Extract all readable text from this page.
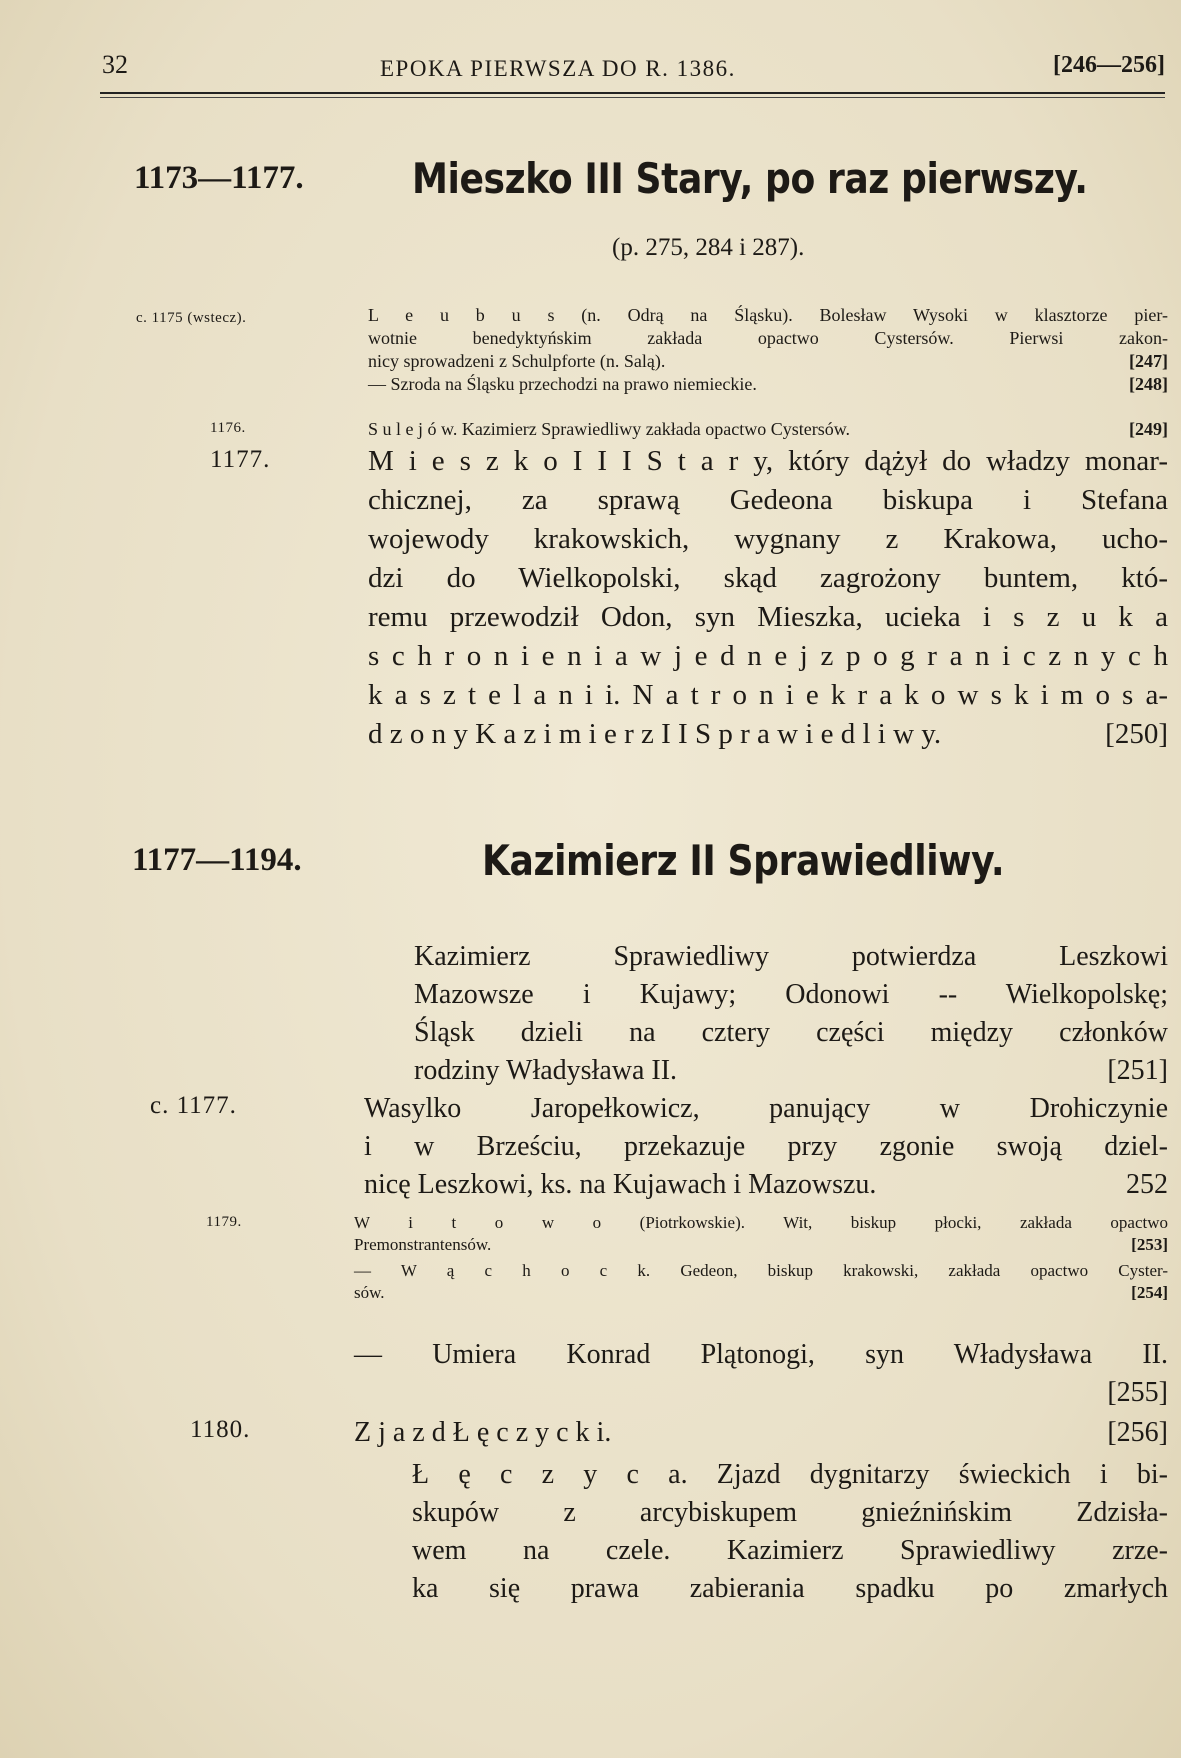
32	EPOKA PIERWSZA DO R. 1386.	[246—256]
1173—1177.	Mieszko III Stary, po raz pierwszy.
(p. 275, 284 i 287).
c. 1175 (wstecz).	L e u b u s (n. Odrą na Śląsku). Bolesław Wysoki w klasztorze pier-
wotnie benedyktyńskim zakłada opactwo Cystersów. Pierwsi zakon-
nicy sprowadzeni z Schulpforte (n. Salą).	[247]
— Szroda na Śląsku przechodzi na prawo niemieckie.	[248]
1176.	S u l e j ó w. Kazimierz Sprawiedliwy zakłada opactwo Cystersów.	[249]
1177.	M i e s z k o I I I S t a r y, który dążył do władzy monar-
chicznej, za sprawą Gedeona biskupa i Stefana
wojewody krakowskich, wygnany z Krakowa, ucho-
dzi do Wielkopolski, skąd zagrożony buntem, któ-
remu przewodził Odon, syn Mieszka, ucieka i s z u k a
s c h r o n i e n i a w j e d n e j z p o g r a n i c z n y c h
k a s z t e l a n i i. N a t r o n i e k r a k o w s k i m o s a-
d z o n y K a z i m i e r z I I S p r a w i e d l i w y.	[250]
1177—1194.	Kazimierz II Sprawiedliwy.
Kazimierz Sprawiedliwy potwierdza Leszkowi
Mazowsze i Kujawy; Odonowi -- Wielkopolskę;
Śląsk dzieli na cztery części między członków
rodziny Władysława II.	[251]
c. 1177.	Wasylko Jaropełkowicz, panujący w Drohiczynie
i w Brześciu, przekazuje przy zgonie swoją dziel-
nicę Leszkowi, ks. na Kujawach i Mazowszu.	252
1179.	W i t o w o (Piotrkowskie). Wit, biskup płocki, zakłada opactwo
Premonstrantensów.	[253]
— W ą c h o c k. Gedeon, biskup krakowski, zakłada opactwo Cyster-
sów.	[254]
— Umiera Konrad Plątonogi, syn Władysława II.
[255]
1180.	Z j a z d Ł ę c z y c k i.	[256]
Ł ę c z y c a. Zjazd dygnitarzy świeckich i bi-
skupów z arcybiskupem gnieźnińskim Zdzisła-
wem na czele. Kazimierz Sprawiedliwy zrze-
ka się prawa zabierania spadku po zmarłych
